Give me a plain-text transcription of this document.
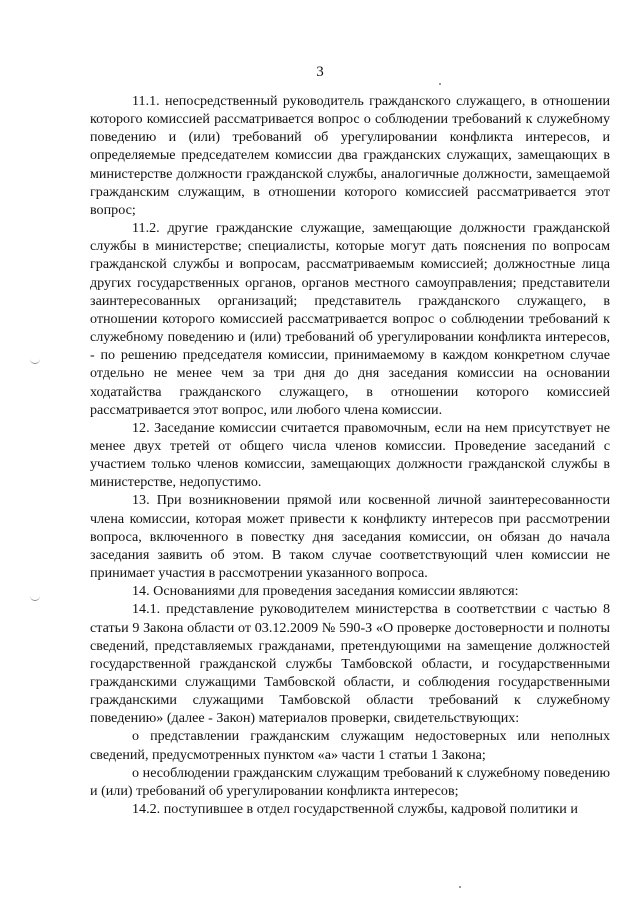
3

11.1. непосредственный руководитель гражданского служащего, в отношении которого комиссией рассматривается вопрос о соблюдении требований к служебному поведению и (или) требований об урегулировании конфликта интересов, и определяемые председателем комиссии два гражданских служащих, замещающих в министерстве должности гражданской службы, аналогичные должности, замещаемой гражданским служащим, в отношении которого комиссией рассматривается этот вопрос;

11.2. другие гражданские служащие, замещающие должности гражданской службы в министерстве; специалисты, которые могут дать пояснения по вопросам гражданской службы и вопросам, рассматриваемым комиссией; должностные лица других государственных органов, органов местного самоуправления; представители заинтересованных организаций; представитель гражданского служащего, в отношении которого комиссией рассматривается вопрос о соблюдении требований к служебному поведению и (или) требований об урегулировании конфликта интересов, - по решению председателя комиссии, принимаемому в каждом конкретном случае отдельно не менее чем за три дня до дня заседания комиссии на основании ходатайства гражданского служащего, в отношении которого комиссией рассматривается этот вопрос, или любого члена комиссии.

12. Заседание комиссии считается правомочным, если на нем присутствует не менее двух третей от общего числа членов комиссии. Проведение заседаний с участием только членов комиссии, замещающих должности гражданской службы в министерстве, недопустимо.

13. При возникновении прямой или косвенной личной заинтересованности члена комиссии, которая может привести к конфликту интересов при рассмотрении вопроса, включенного в повестку дня заседания комиссии, он обязан до начала заседания заявить об этом. В таком случае соответствующий член комиссии не принимает участия в рассмотрении указанного вопроса.

14. Основаниями для проведения заседания комиссии являются:

14.1. представление руководителем министерства в соответствии с частью 8 статьи 9 Закона области от 03.12.2009 № 590-З «О проверке достоверности и полноты сведений, представляемых гражданами, претендующими на замещение должностей государственной гражданской службы Тамбовской области, и государственными гражданскими служащими Тамбовской области, и соблюдения государственными гражданскими служащими Тамбовской области требований к служебному поведению» (далее - Закон) материалов проверки, свидетельствующих:

о представлении гражданским служащим недостоверных или неполных сведений, предусмотренных пунктом «а» части 1 статьи 1 Закона;

о несоблюдении гражданским служащим требований к служебному поведению и (или) требований об урегулировании конфликта интересов;

14.2. поступившее в отдел государственной службы, кадровой политики и
